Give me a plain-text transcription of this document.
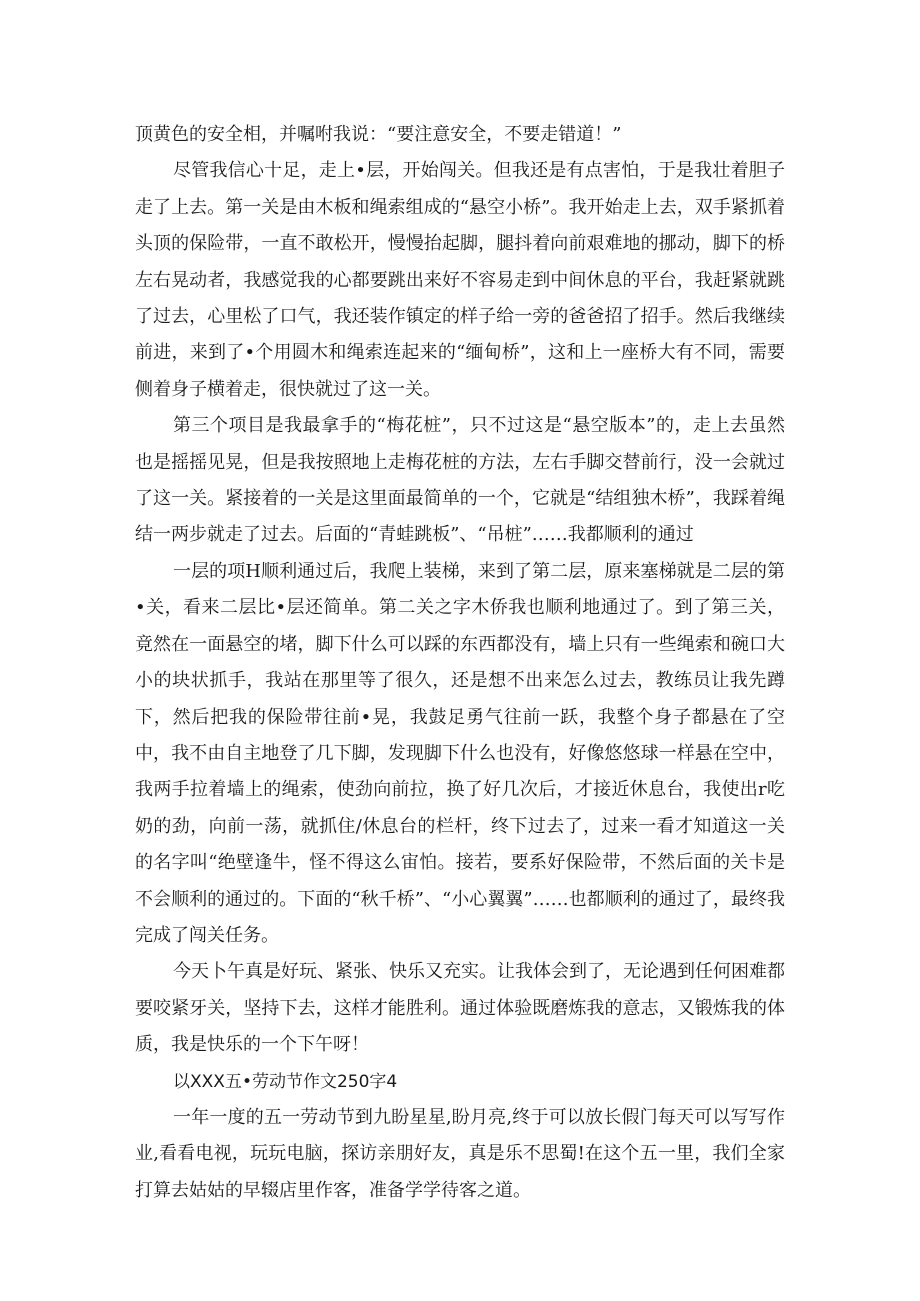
顶黄色的安全相，并嘱咐我说：“要注意安全，不要走错道！”

尽管我信心十足，走上•层，开始闯关。但我还是有点害怕，于是我壮着胆子走了上去。第一关是由木板和绳索组成的“悬空小桥”。我开始走上去，双手紧抓着头顶的保险带，一直不敢松开，慢慢抬起脚，腿抖着向前艰难地的挪动，脚下的桥左右晃动者，我感觉我的心都要跳出来好不容易走到中间休息的平台，我赶紧就跳了过去，心里松了口气，我还装作镇定的样子给一旁的爸爸招了招手。然后我继续前进，来到了•个用圆木和绳索连起来的“缅甸桥”，这和上一座桥大有不同，需要侧着身子横着走，很快就过了这一关。

第三个项目是我最拿手的“梅花桩”，只不过这是“悬空版本”的，走上去虽然也是摇摇见晃，但是我按照地上走梅花桩的方法，左右手脚交替前行，没一会就过了这一关。紧接着的一关是这里面最简单的一个，它就是“结组独木桥”，我踩着绳结一两步就走了过去。后面的“青蛙跳板”、“吊桩”……我都顺利的通过

一层的项H顺利通过后，我爬上装梯，来到了第二层，原来塞梯就是二层的第•关，看来二层比•层还简单。第二关之字木侨我也顺利地通过了。到了第三关，竟然在一面悬空的堵，脚下什么可以踩的东西都没有，墙上只有一些绳索和碗口大小的块状抓手，我站在那里等了很久，还是想不出来怎么过去，教练员让我先蹲下，然后把我的保险带往前•晃，我鼓足勇气往前一跃，我整个身子都悬在了空中，我不由自主地登了几下脚，发现脚下什么也没有，好像悠悠球一样悬在空中，我两手拉着墙上的绳索，使劲向前拉，换了好几次后，才接近休息台，我使出r吃奶的劲，向前一荡，就抓住/休息台的栏杆，终下过去了，过来一看才知道这一关的名字叫“绝壁逢牛，怪不得这么宙怕。接若，要系好保险带，不然后面的关卡是不会顺利的通过的。下面的“秋千桥”、“小心翼翼”……也都顺利的通过了，最终我完成了闯关任务。

今天卜午真是好玩、紧张、快乐又充实。让我体会到了，无论遇到任何困难都要咬紧牙关，坚持下去，这样才能胜利。通过体验既磨炼我的意志，又锻炼我的体质，我是快乐的一个下午呀！

以XXX五•劳动节作文250字4

一年一度的五一劳动节到九盼星星,盼月亮,终于可以放长假门每天可以写写作业,看看电视，玩玩电脑，探访亲朋好友，真是乐不思蜀!在这个五一里，我们全家打算去姑姑的早辍店里作客，准备学学待客之道。
